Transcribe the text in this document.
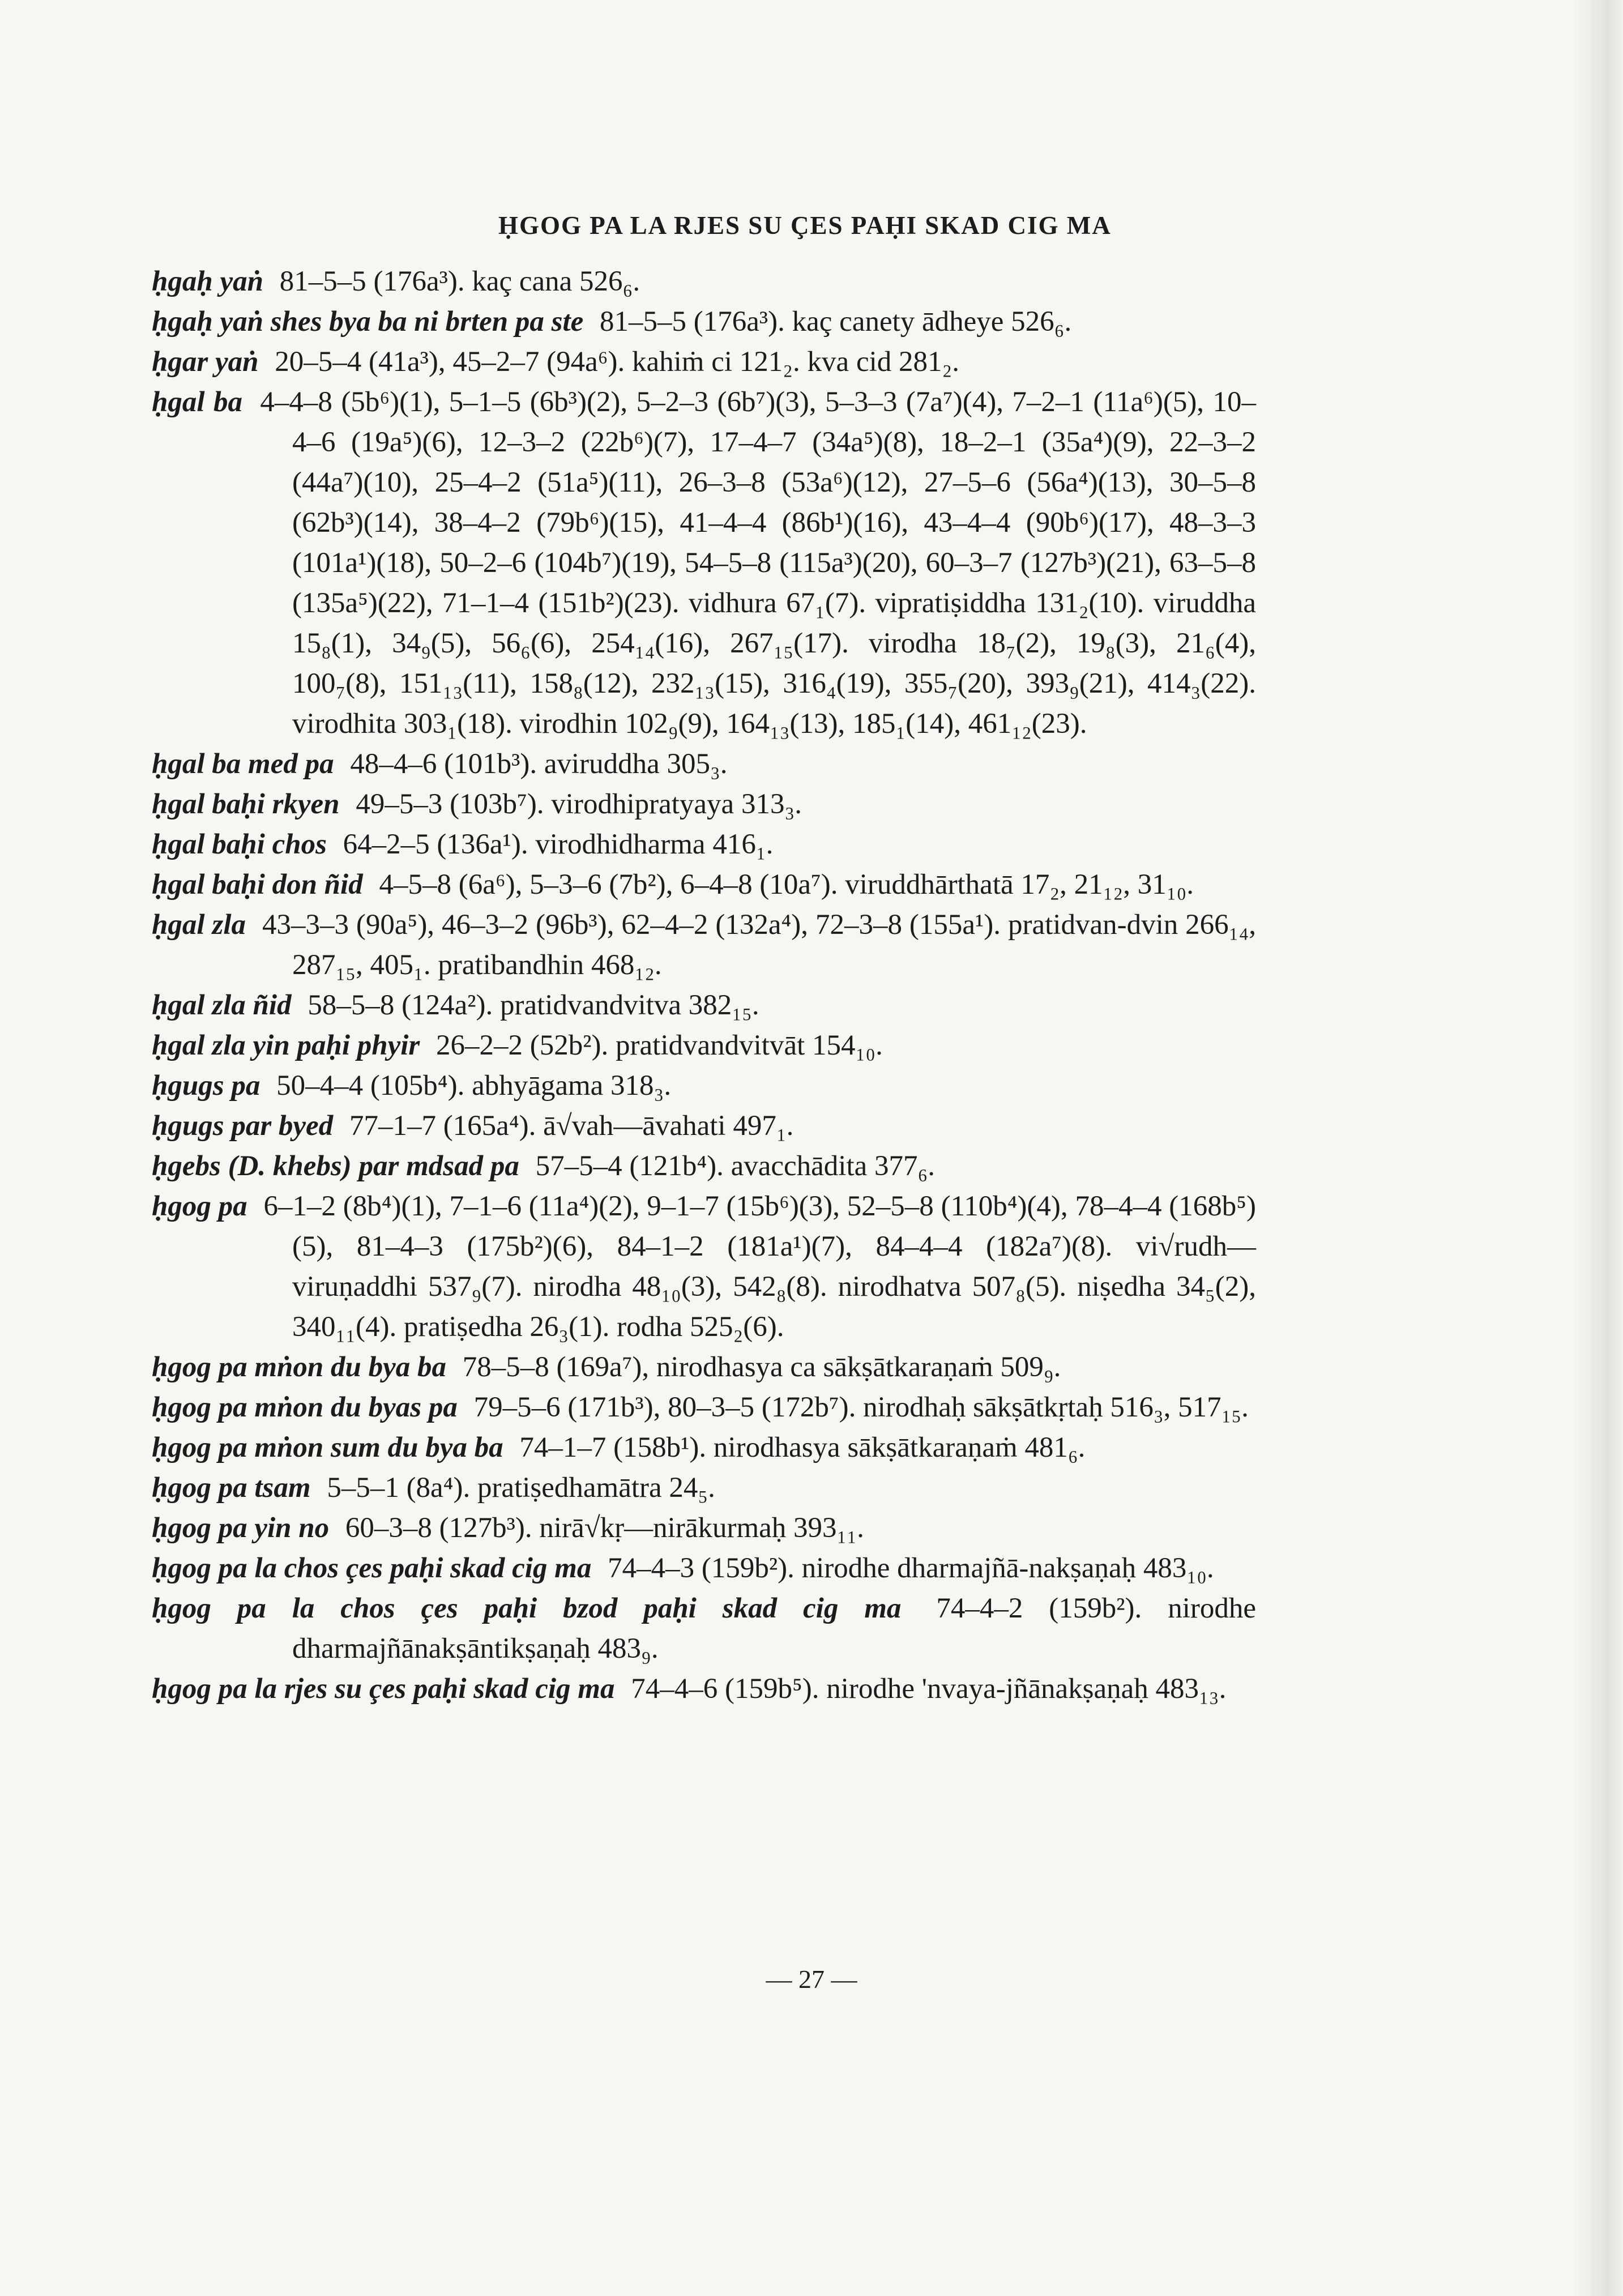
ḤGOG PA LA RJES SU ÇES PAḤI SKAD CIG MA
ḥgaḥ yaṅ 81–5–5 (176a³). kaç cana 526₆.
ḥgaḥ yaṅ shes bya ba ni brten pa ste 81–5–5 (176a³). kaç canety ādheye 526₆.
ḥgar yaṅ 20–5–4 (41a³), 45–2–7 (94a⁶). kahiṁ ci 121₂. kva cid 281₂.
ḥgal ba 4–4–8 (5b⁶)(1), 5–1–5 (6b³)(2), 5–2–3 (6b⁷)(3), 5–3–3 (7a⁷)(4), 7–2–1 (11a⁶)(5), 10–4–6 (19a⁵)(6), 12–3–2 (22b⁶)(7), 17–4–7 (34a⁵)(8), 18–2–1 (35a⁴)(9), 22–3–2 (44a⁷)(10), 25–4–2 (51a⁵)(11), 26–3–8 (53a⁶)(12), 27–5–6 (56a⁴)(13), 30–5–8 (62b³)(14), 38–4–2 (79b⁶)(15), 41–4–4 (86b¹)(16), 43–4–4 (90b⁶)(17), 48–3–3 (101a¹)(18), 50–2–6 (104b⁷)(19), 54–5–8 (115a³)(20), 60–3–7 (127b³)(21), 63–5–8 (135a⁵)(22), 71–1–4 (151b²)(23). vidhura 67₁(7). vipratiṣiddha 131₂(10). viruddha 15₈(1), 34₉(5), 56₆(6), 254₁₄(16), 267₁₅(17). virodha 18₇(2), 19₈(3), 21₆(4), 100₇(8), 151₁₃(11), 158₈(12), 232₁₃(15), 316₄(19), 355₇(20), 393₉(21), 414₃(22). virodhita 303₁(18). virodhin 102₉(9), 164₁₃(13), 185₁(14), 461₁₂(23).
ḥgal ba med pa 48–4–6 (101b³). aviruddha 305₃.
ḥgal baḥi rkyen 49–5–3 (103b⁷). virodhipratyaya 313₃.
ḥgal baḥi chos 64–2–5 (136a¹). virodhidharma 416₁.
ḥgal baḥi don ñid 4–5–8 (6a⁶), 5–3–6 (7b²), 6–4–8 (10a⁷). viruddhārthatā 17₂, 21₁₂, 31₁₀.
ḥgal zla 43–3–3 (90a⁵), 46–3–2 (96b³), 62–4–2 (132a⁴), 72–3–8 (155a¹). pratidvan-dvin 266₁₄, 287₁₅, 405₁. pratibandhin 468₁₂.
ḥgal zla ñid 58–5–8 (124a²). pratidvandvitva 382₁₅.
ḥgal zla yin paḥi phyir 26–2–2 (52b²). pratidvandvitvāt 154₁₀.
ḥgugs pa 50–4–4 (105b⁴). abhyāgama 318₃.
ḥgugs par byed 77–1–7 (165a⁴). ā√vah—āvahati 497₁.
ḥgebs (D. khebs) par mdsad pa 57–5–4 (121b⁴). avacchādita 377₆.
ḥgog pa 6–1–2 (8b⁴)(1), 7–1–6 (11a⁴)(2), 9–1–7 (15b⁶)(3), 52–5–8 (110b⁴)(4), 78–4–4 (168b⁵)(5), 81–4–3 (175b²)(6), 84–1–2 (181a¹)(7), 84–4–4 (182a⁷)(8). vi√rudh—viruṇaddhi 537₉(7). nirodha 48₁₀(3), 542₈(8). nirodhatva 507₈(5). niṣedha 34₅(2), 340₁₁(4). pratiṣedha 26₃(1). rodha 525₂(6).
ḥgog pa mṅon du bya ba 78–5–8 (169a⁷), nirodhasya ca sākṣātkaraṇaṁ 509₉.
ḥgog pa mṅon du byas pa 79–5–6 (171b³), 80–3–5 (172b⁷). nirodhaḥ sākṣātkṛtaḥ 516₃, 517₁₅.
ḥgog pa mṅon sum du bya ba 74–1–7 (158b¹). nirodhasya sākṣātkaraṇaṁ 481₆.
ḥgog pa tsam 5–5–1 (8a⁴). pratiṣedhamātra 24₅.
ḥgog pa yin no 60–3–8 (127b³). nirā√kṛ—nirākurmaḥ 393₁₁.
ḥgog pa la chos çes paḥi skad cig ma 74–4–3 (159b²). nirodhe dharmajñā-nakṣaṇaḥ 483₁₀.
ḥgog pa la chos çes paḥi bzod paḥi skad cig ma 74–4–2 (159b²). nirodhe dharmajñānakṣāntikṣaṇaḥ 483₉.
ḥgog pa la rjes su çes paḥi skad cig ma 74–4–6 (159b⁵). nirodhe 'nvaya-jñānakṣaṇaḥ 483₁₃.
— 27 —
